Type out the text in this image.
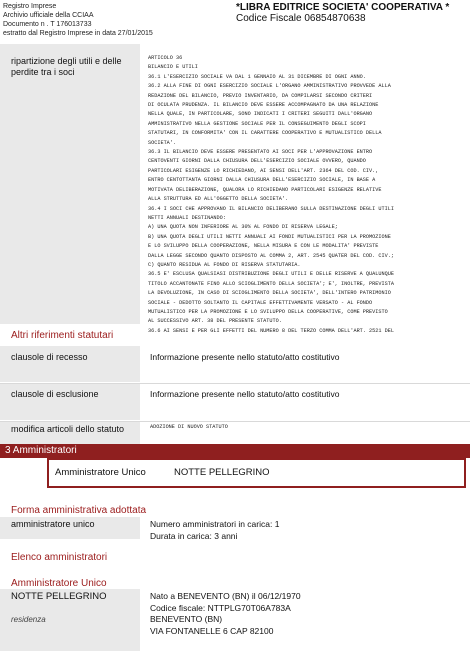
Registro Imprese
Archivio ufficiale della CCIAA
Documento n . T 176013733
estratto dal Registro Imprese in data 27/01/2015
*LIBRA EDITRICE SOCIETA' COOPERATIVA *
Codice Fiscale 06854870638
ripartizione degli utili e delle perdite tra i soci
ARTICOLO 36
BILANCIO E UTILI
36.1 L'ESERCIZIO SOCIALE VA DAL 1 GENNAIO AL 31 DICEMBRE DI OGNI ANNO.
36.2 ALLA FINE DI OGNI ESERCIZIO SOCIALE L'ORGANO AMMINISTRATIVO PROVVEDE ALLA
REDAZIONE DEL BILANCIO, PREVIO INVENTARIO, DA COMPILARSI SECONDO CRITERI
DI OCULATA PRUDENZA. IL BILANCIO DEVE ESSERE ACCOMPAGNATO DA UNA RELAZIONE
NELLA QUALE, IN PARTICOLARE, SONO INDICATI I CRITERI SEGUITI DALL'ORGANO
AMMINISTRATIVO NELLA GESTIONE SOCIALE PER IL CONSEGUIMENTO DEGLI SCOPI
STATUTARI, IN CONFORMITA' CON IL CARATTERE COOPERATIVO E MUTUALISTICO DELLA
SOCIETA'.
36.3 IL BILANCIO DEVE ESSERE PRESENTATO AI SOCI PER L'APPROVAZIONE ENTRO
CENTOVENTI GIORNI DALLA CHIUSURA DELL'ESERCIZIO SOCIALE OVVERO, QUANDO
PARTICOLARI ESIGENZE LO RICHIEDANO, AI SENSI DELL'ART. 2364 DEL COD. CIV.,
ENTRO CENTOTTANTA GIORNI DALLA CHIUSURA DELL'ESERCIZIO SOCIALE, IN BASE A
MOTIVATA DELIBERAZIONE, QUALORA LO RICHIEDANO PARTICOLARI ESIGENZE RELATIVE
ALLA STRUTTURA ED ALL'OGGETTO DELLA SOCIETA'.
36.4 I SOCI CHE APPROVANO IL BILANCIO DELIBERANO SULLA DESTINAZIONE DEGLI UTILI
NETTI ANNUALI DESTINANDO:
A) UNA QUOTA NON INFERIORE AL 30% AL FONDO DI RISERVA LEGALE;
B) UNA QUOTA DEGLI UTILI NETTI ANNUALI AI FONDI MUTUALISTICI PER LA PROMOZIONE
E LO SVILUPPO DELLA COOPERAZIONE, NELLA MISURA E CON LE MODALITA' PREVISTE
DALLA LEGGE SECONDO QUANTO DISPOSTO AL COMMA 2, ART. 2545 QUATER DEL COD. CIV.;
C) QUANTO RESIDUA AL FONDO DI RISERVA STATUTARIA.
36.5 E' ESCLUSA QUALSIASI DISTRIBUZIONE DEGLI UTILI E DELLE RISERVE A QUALUNQUE
TITOLO ACCANTONATE FINO ALLO SCIOGLIMENTO DELLA SOCIETA'; E', INOLTRE, PREVISTA
LA DEVOLUZIONE, IN CASO DI SCIOGLIMENTO DELLA SOCIETA', DELL'INTERO PATRIMONIO
SOCIALE - DEDOTTO SOLTANTO IL CAPITALE EFFETTIVAMENTE VERSATO - AL FONDO
MUTUALISTICO PER LA PROMOZIONE E LO SVILUPPO DELLA COOPERATIVE, COME PREVISTO
AL SUCCESSIVO ART. 38 DEL PRESENTE STATUTO.
36.6 AI SENSI E PER GLI EFFETTI DEL NUMERO 8 DEL TERZO COMMA DELL'ART. 2521 DEL
Altri riferimenti statutari
clausole di recesso	Informazione presente nello statuto/atto costitutivo
clausole di esclusione	Informazione presente nello statuto/atto costitutivo
modifica articoli dello statuto	ADOZIONE DI NUOVO STATUTO
3 Amministratori
Amministratore Unico	NOTTE PELLEGRINO
Forma amministrativa adottata
amministratore unico	Numero amministratori in carica: 1
Durata in carica: 3 anni
Elenco amministratori
Amministratore Unico
NOTTE PELLEGRINO	Nato a BENEVENTO (BN) il 06/12/1970
Codice fiscale: NTTPLG70T06A783A
residenza	BENEVENTO (BN)
VIA FONTANELLE 6 CAP 82100
